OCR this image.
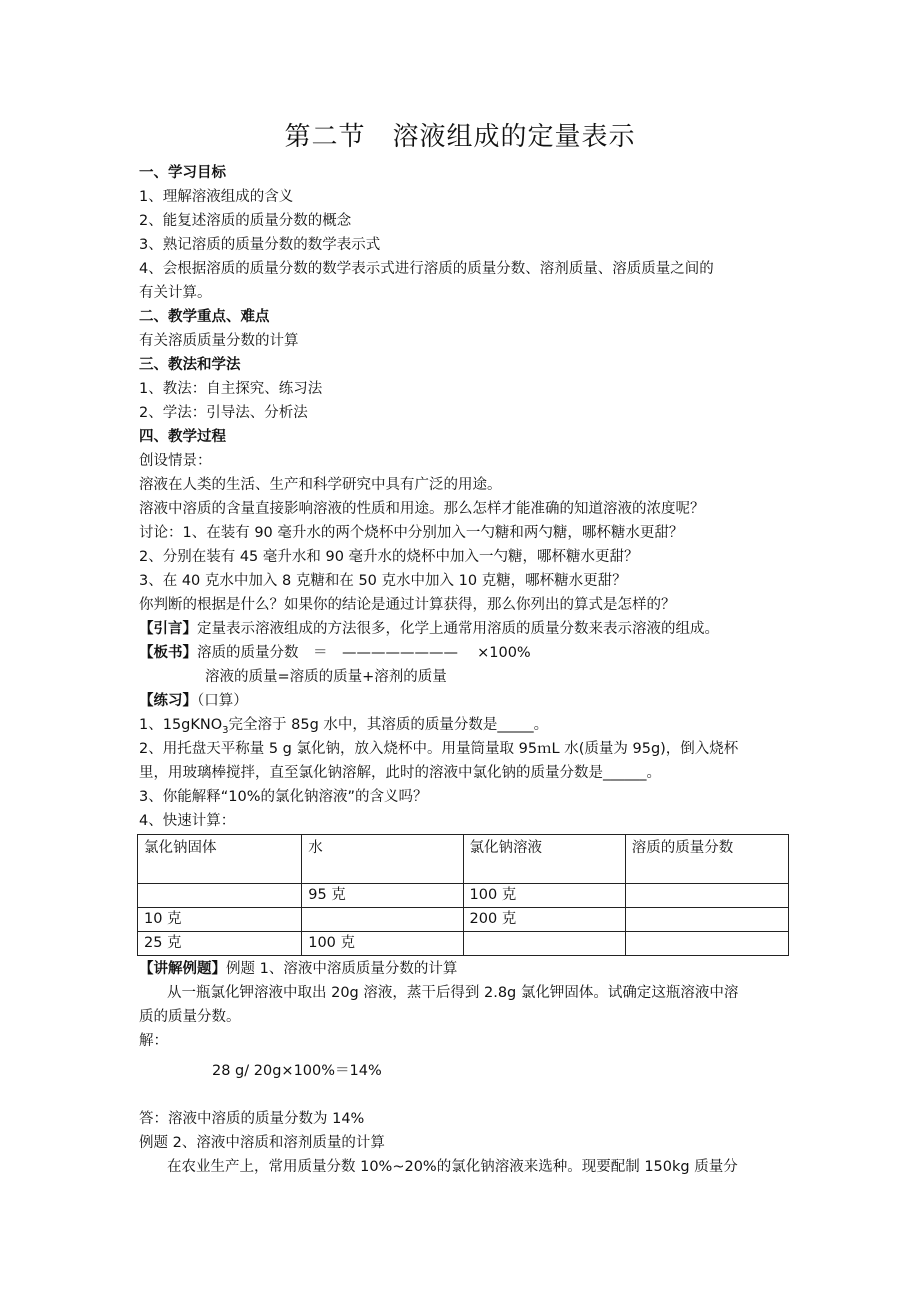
第二节　溶液组成的定量表示
一、学习目标
1、理解溶液组成的含义
2、能复述溶质的质量分数的概念
3、熟记溶质的质量分数的数学表示式
4、会根据溶质的质量分数的数学表示式进行溶质的质量分数、溶剂质量、溶质质量之间的
有关计算。
二、教学重点、难点
有关溶质质量分数的计算
三、教法和学法
1、教法：自主探究、练习法
2、学法：引导法、分析法
四、教学过程
创设情景：
溶液在人类的生活、生产和科学研究中具有广泛的用途。
溶液中溶质的含量直接影响溶液的性质和用途。那么怎样才能准确的知道溶液的浓度呢？
讨论：1、在装有 90 毫升水的两个烧杯中分别加入一勺糖和两勺糖，哪杯糖水更甜？
2、分别在装有 45 毫升水和 90 毫升水的烧杯中加入一勺糖，哪杯糖水更甜？
3、在 40 克水中加入 8 克糖和在 50 克水中加入 10 克糖，哪杯糖水更甜？
你判断的根据是什么？如果你的结论是通过计算获得，那么你列出的算式是怎样的？
【引言】定量表示溶液组成的方法很多，化学上通常用溶质的质量分数来表示溶液的组成。
【板书】溶质的质量分数　＝　————————　 ×100%
溶液的质量=溶质的质量+溶剂的质量
【练习】（口算）
1、15gKNO$_3$完全溶于 85g 水中，其溶质的质量分数是_____。
2、用托盘天平称量 5 g 氯化钠，放入烧杯中。用量筒量取 95ｍL 水(质量为 95g)，倒入烧杯
里，用玻璃棒搅拌，直至氯化钠溶解，此时的溶液中氯化钠的质量分数是______。
3、你能解释“10%的氯化钠溶液”的含义吗？
4、快速计算：
氯化钠固体	水	氯化钠溶液	溶质的质量分数
	95 克	100 克	
10 克		200 克	
25 克	100 克		
【讲解例题】例题 1、溶液中溶质质量分数的计算
从一瓶氯化钾溶液中取出 20g 溶液，蒸干后得到 2.8g 氯化钾固体。试确定这瓶溶液中溶
质的质量分数。
解：
28 g/ 20g×100%＝14%
答：溶液中溶质的质量分数为 14%
例题 2、溶液中溶质和溶剂质量的计算
在农业生产上，常用质量分数 10%~20%的氯化钠溶液来选种。现要配制 150kg 质量分
